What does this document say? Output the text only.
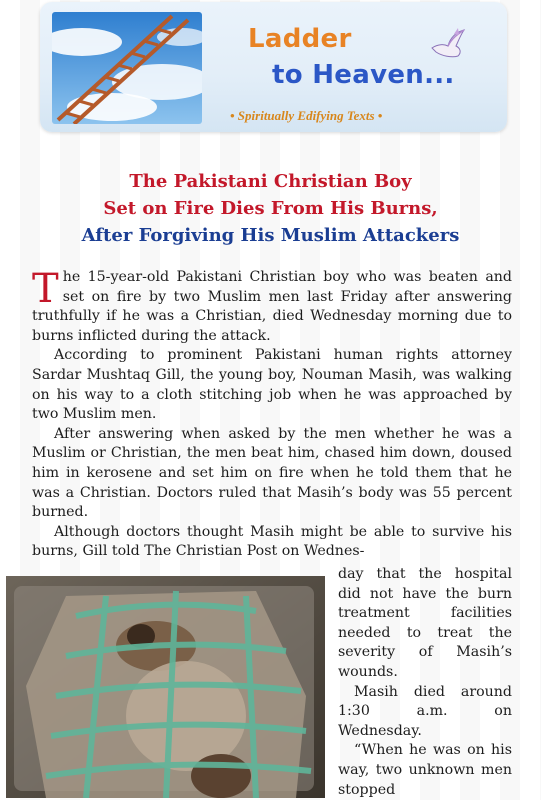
Ladder
to Heaven...
• Spiritually Edifying Texts •
The Pakistani Christian Boy
Set on Fire Dies From His Burns,
After Forgiving His Muslim Attackers

The 15-year-old Pakistani Christian boy who was beaten and set on fire by two Muslim men last Friday after answering truthfully if he was a Christian, died Wednesday morning due to burns inflicted during the attack.

According to prominent Pakistani human rights attorney Sardar Mushtaq Gill, the young boy, Nouman Masih, was walking on his way to a cloth stitching job when he was approached by two Muslim men.

After answering when asked by the men whether he was a Muslim or Christian, the men beat him, chased him down, doused him in kerosene and set him on fire when he told them that he was a Christian. Doctors ruled that Masih’s body was 55 percent burned.

Although doctors thought Masih might be able to survive his burns, Gill told The Christian Post on Wednes-

day that the hospital did not have the burn treatment facilities needed to treat the severity of Masih’s wounds.

Masih died around 1:30 a.m. on Wednesday.

“When he was on his way, two unknown men stopped
